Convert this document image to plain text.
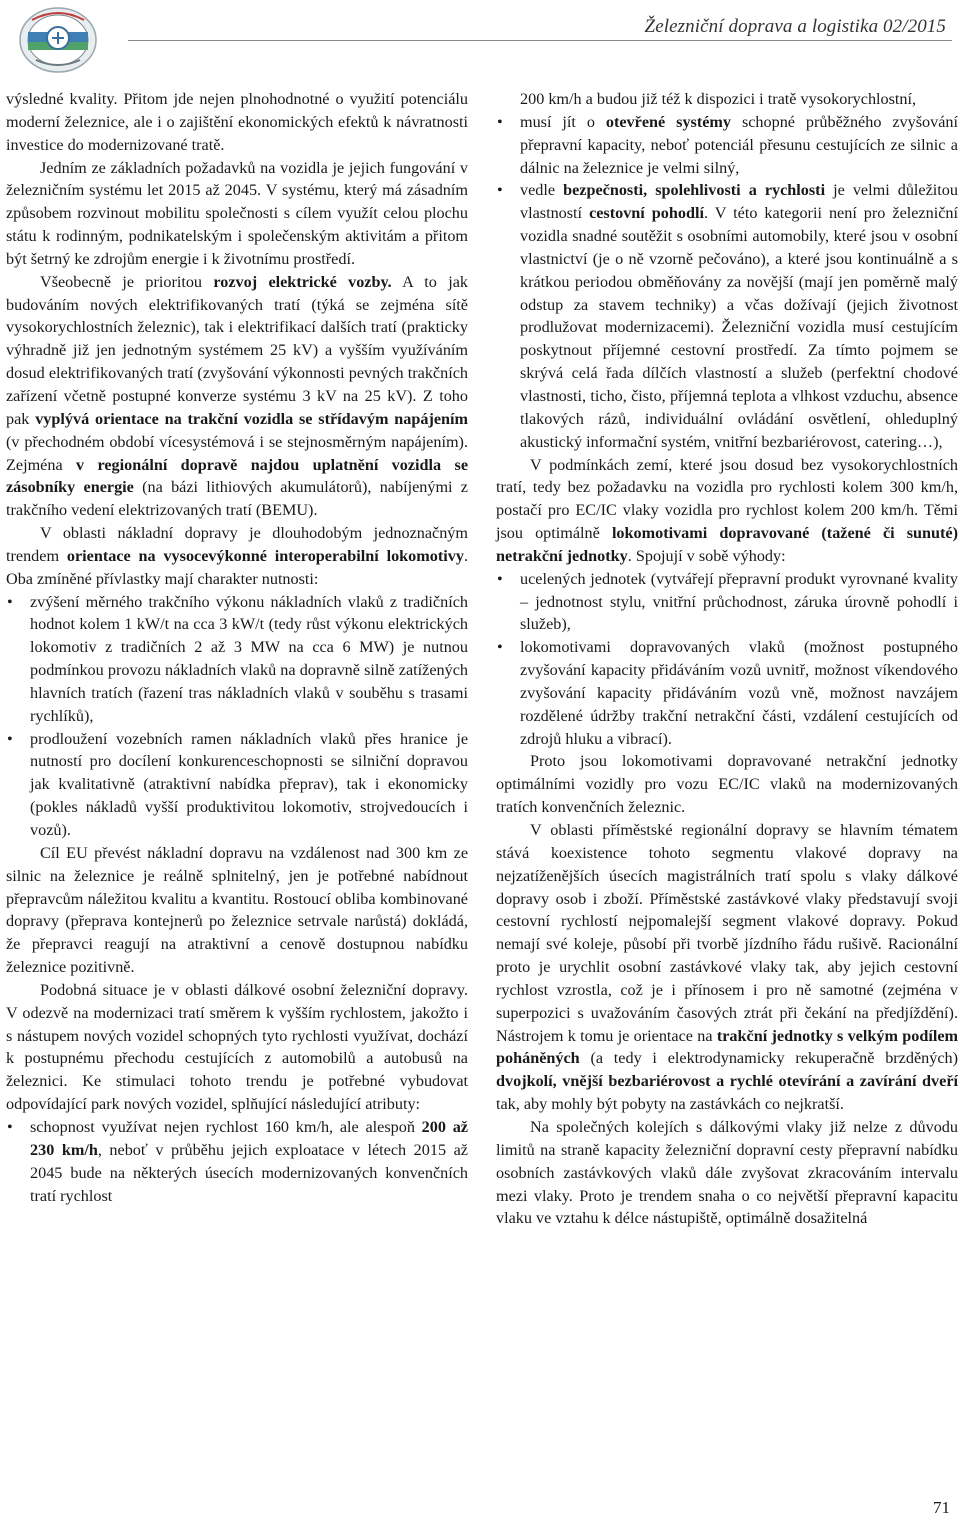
Železniční doprava a logistika 02/2015

výsledné kvality. Přitom jde nejen plnohodnotné o využití potenciálu moderní železnice, ale i o zajištění ekonomických efektů k návratnosti investice do modernizované tratě.

Jedním ze základních požadavků na vozidla je jejich fungování v železničním systému let 2015 až 2045. V systému, který má zásadním způsobem rozvinout mobilitu společnosti s cílem využít celou plochu státu k rodinným, podnikatelským i společenským aktivitám a přitom být šetrný ke zdrojům energie i k životnímu prostředí.

Všeobecně je prioritou rozvoj elektrické vozby. A to jak budováním nových elektrifikovaných tratí (týká se zejména sítě vysokorychlostních železnic), tak i elektrifikací dalších tratí (prakticky výhradně již jen jednotným systémem 25 kV) a vyšším využíváním dosud elektrifikovaných tratí (zvyšování výkonnosti pevných trakčních zařízení včetně postupné konverze systému 3 kV na 25 kV). Z toho pak vyplývá orientace na trakční vozidla se střídavým napájením (v přechodném období vícesystémová i se stejnosměrným napájením). Zejména v regionální dopravě najdou uplatnění vozidla se zásobníky energie (na bázi lithiových akumulátorů), nabíjenými z trakčního vedení elektrizovaných tratí (BEMU).

V oblasti nákladní dopravy je dlouhodobým jednoznačným trendem orientace na vysocevýkonné interoperabilní lokomotivy. Oba zmíněné přívlastky mají charakter nutnosti:

• zvýšení měrného trakčního výkonu nákladních vlaků z tradičních hodnot kolem 1 kW/t na cca 3 kW/t (tedy růst výkonu elektrických lokomotiv z tradičních 2 až 3 MW na cca 6 MW) je nutnou podmínkou provozu nákladních vlaků na dopravně silně zatížených hlavních tratích (řazení tras nákladních vlaků v souběhu s trasami rychlíků),
• prodloužení vozebních ramen nákladních vlaků přes hranice je nutností pro docílení konkurenceschopnosti se silniční dopravou jak kvalitativně (atraktivní nabídka přeprav), tak i ekonomicky (pokles nákladů vyšší produktivitou lokomotiv, strojvedoucích i vozů).

Cíl EU převést nákladní dopravu na vzdálenost nad 300 km ze silnic na železnice je reálně splnitelný, jen je potřebné nabídnout přepravcům náležitou kvalitu a kvantitu. Rostoucí obliba kombinované dopravy (přeprava kontejnerů po železnice setrvale narůstá) dokládá, že přepravci reagují na atraktivní a cenově dostupnou nabídku železnice pozitivně.

Podobná situace je v oblasti dálkové osobní železniční dopravy. V odezvě na modernizaci tratí směrem k vyšším rychlostem, jakožto i s nástupem nových vozidel schopných tyto rychlosti využívat, dochází k postupnému přechodu cestujících z automobilů a autobusů na železnici. Ke stimulaci tohoto trendu je potřebné vybudovat odpovídající park nových vozidel, splňující následující atributy:

• schopnost využívat nejen rychlost 160 km/h, ale alespoň 200 až 230 km/h, neboť v průběhu jejich exploatace v létech 2015 až 2045 bude na některých úsecích modernizovaných konvenčních tratí rychlost
200 km/h a budou již též k dispozici i tratě vysokorychlostní,
• musí jít o otevřené systémy schopné průběžného zvyšování přepravní kapacity, neboť potenciál přesunu cestujících ze silnic a dálnic na železnice je velmi silný,
• vedle bezpečnosti, spolehlivosti a rychlosti je velmi důležitou vlastností cestovní pohodlí. V této kategorii není pro železniční vozidla snadné soutěžit s osobními automobily, které jsou v osobní vlastnictví (je o ně vzorně pečováno), a které jsou kontinuálně a s krátkou periodou obměňovány za novější (mají jen poměrně malý odstup za stavem techniky) a včas dožívají (jejich životnost prodlužovat modernizacemi). Železniční vozidla musí cestujícím poskytnout příjemné cestovní prostředí. Za tímto pojmem se skrývá celá řada dílčích vlastností a služeb (perfektní chodové vlastnosti, ticho, čisto, příjemná teplota a vlhkost vzduchu, absence tlakových rázů, individuální ovládání osvětlení, ohleduplný akustický informační systém, vnitřní bezbariérovost, catering…),

V podmínkách zemí, které jsou dosud bez vysokorychlostních tratí, tedy bez požadavku na vozidla pro rychlosti kolem 300 km/h, postačí pro EC/IC vlaky vozidla pro rychlost kolem 200 km/h. Těmi jsou optimálně lokomotivami dopravované (tažené či sunuté) netrakční jednotky. Spojují v sobě výhody:

• ucelených jednotek (vytvářejí přepravní produkt vyrovnané kvality – jednotnost stylu, vnitřní průchodnost, záruka úrovně pohodlí i služeb),
• lokomotivami dopravovaných vlaků (možnost postupného zvyšování kapacity přidáváním vozů uvnitř, možnost víkendového zvyšování kapacity přidáváním vozů vně, možnost navzájem rozdělené údržby trakční netrakční části, vzdálení cestujících od zdrojů hluku a vibrací).

Proto jsou lokomotivami dopravované netrakční jednotky optimálními vozidly pro vozu EC/IC vlaků na modernizovaných tratích konvenčních železnic.

V oblasti příměstské regionální dopravy se hlavním tématem stává koexistence tohoto segmentu vlakové dopravy na nejzatíženějších úsecích magistrálních tratí spolu s vlaky dálkové dopravy osob i zboží. Příměstské zastávkové vlaky představují svoji cestovní rychlostí nejpomalejší segment vlakové dopravy. Pokud nemají své koleje, působí při tvorbě jízdního řádu rušivě. Racionální proto je urychlit osobní zastávkové vlaky tak, aby jejich cestovní rychlost vzrostla, což je i přínosem i pro ně samotné (zejména v superpozici s uvažováním časových ztrát při čekání na předjíždění). Nástrojem k tomu je orientace na trakční jednotky s velkým podílem poháněných (a tedy i elektrodynamicky rekuperačně brzděných) dvojkolí, vnější bezbariérovost a rychlé otevírání a zavírání dveří tak, aby mohly být pobyty na zastávkách co nejkratší.

Na společných kolejích s dálkovými vlaky již nelze z důvodu limitů na straně kapacity železniční dopravní cesty přepravní nabídku osobních zastávkových vlaků dále zvyšovat zkracováním intervalu mezi vlaky. Proto je trendem snaha o co největší přepravní kapacitu vlaku ve vztahu k délce nástupiště, optimálně dosažitelná

71
